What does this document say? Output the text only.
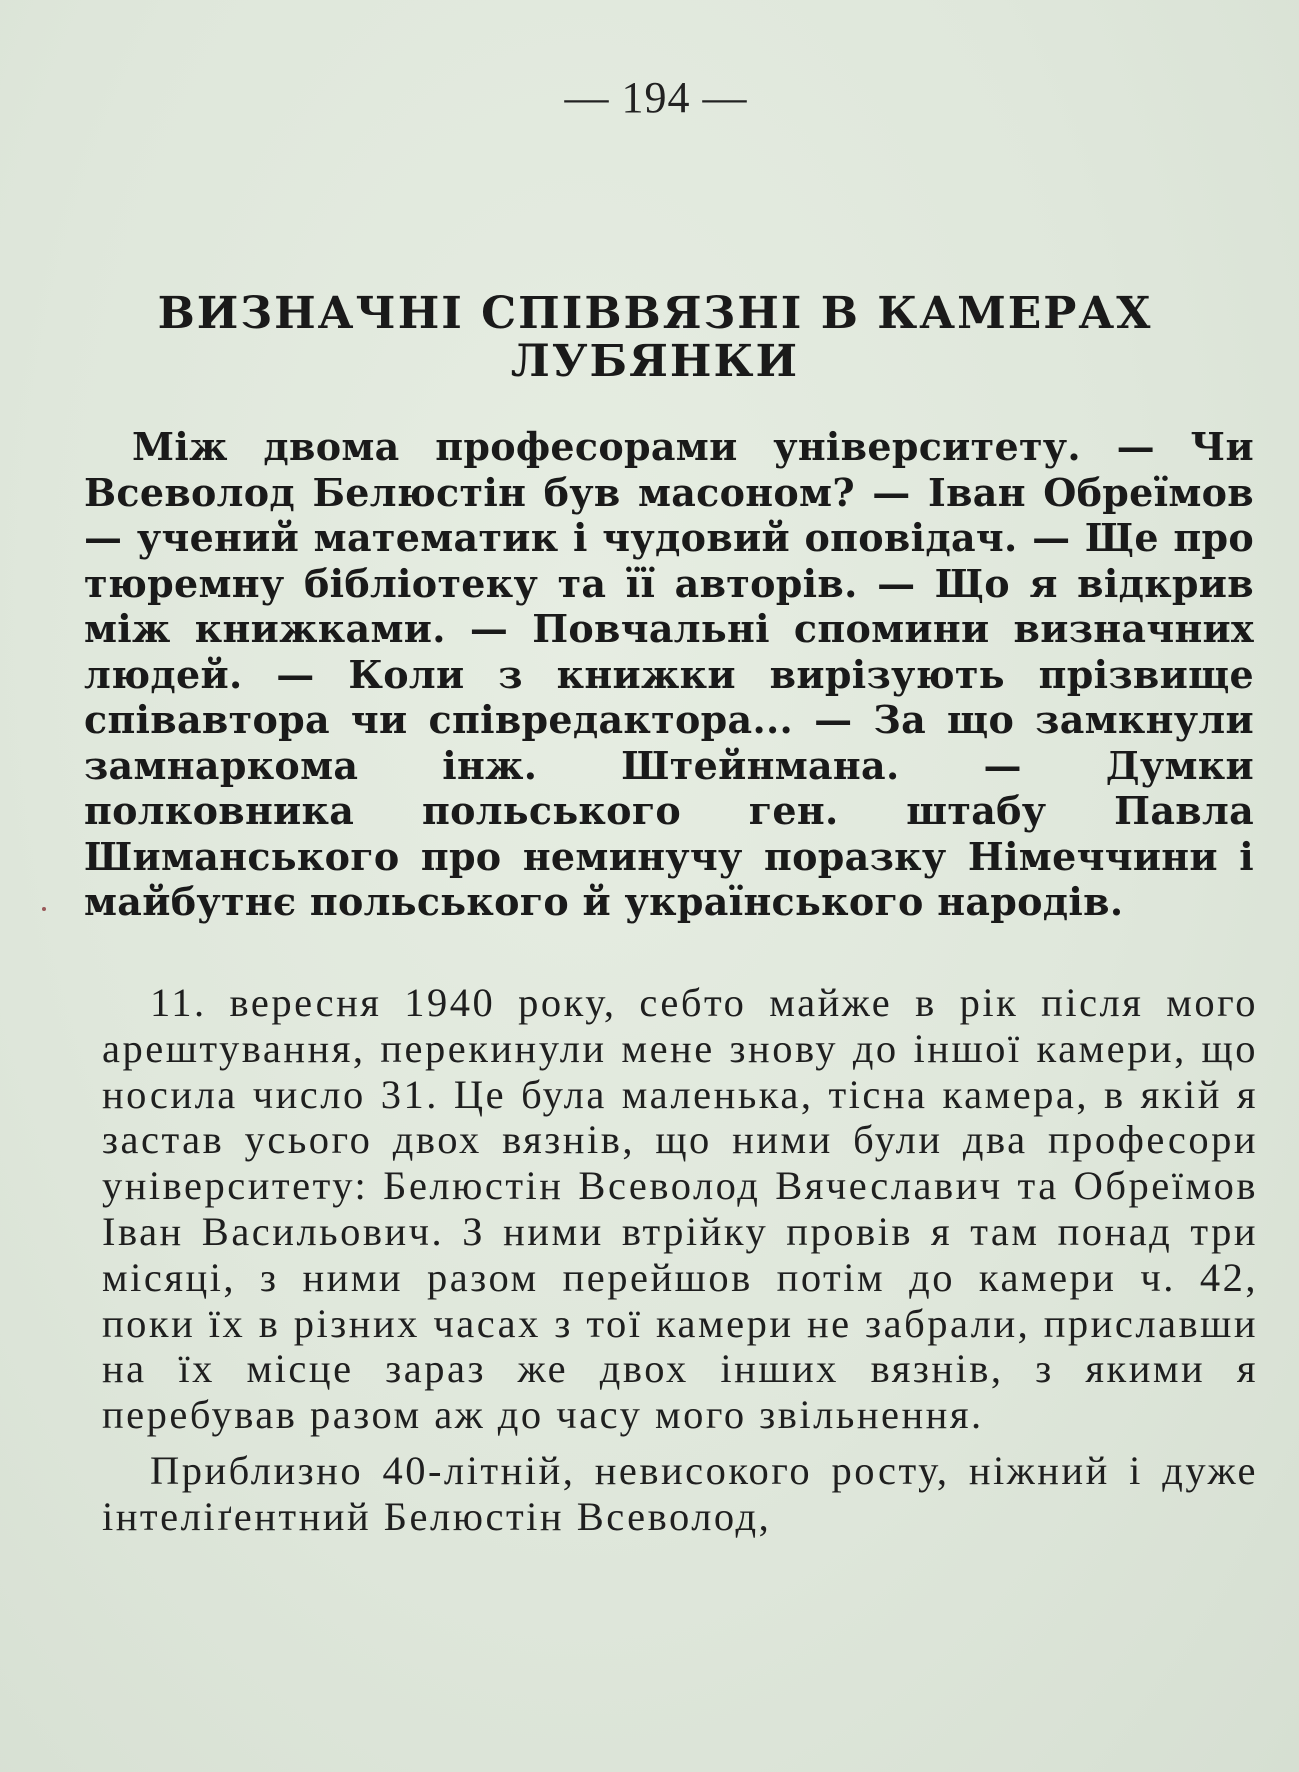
— 194 —
ВИЗНАЧНІ СПІВВЯЗНІ В КАМЕРАХ
ЛУБЯНКИ

Між двома професорами університету. — Чи Всеволод Белюстін був масоном? — Іван Обреїмов — учений математик і чудовий оповідач. — Ще про тюремну бібліотеку та її авторів. — Що я відкрив між книжками. — Повчальні спомини визначних людей. — Коли з книжки вирізують прізвище співавтора чи співредактора... — За що замкнули замнаркома інж. Штейнмана. — Думки полковника польського ген. штабу Павла Шиманського про неминучу поразку Німеччини і майбутнє польського й українського народів.

11. вересня 1940 року, себто майже в рік після мого арештування, перекинули мене знову до іншої камери, що носила число 31. Це була маленька, тісна камера, в якій я застав усього двох вязнів, що ними були два професори університету: Белюстін Всеволод Вячеславич та Обреїмов Іван Васильович. З ними втрійку провів я там понад три місяці, з ними разом перейшов потім до камери ч. 42, поки їх в різних часах з тої камери не забрали, приславши на їх місце зараз же двох інших вязнів, з якими я перебував разом аж до часу мого звільнення.

Приблизно 40-літній, невисокого росту, ніжний і дуже інтеліґентний Белюстін Всеволод,
